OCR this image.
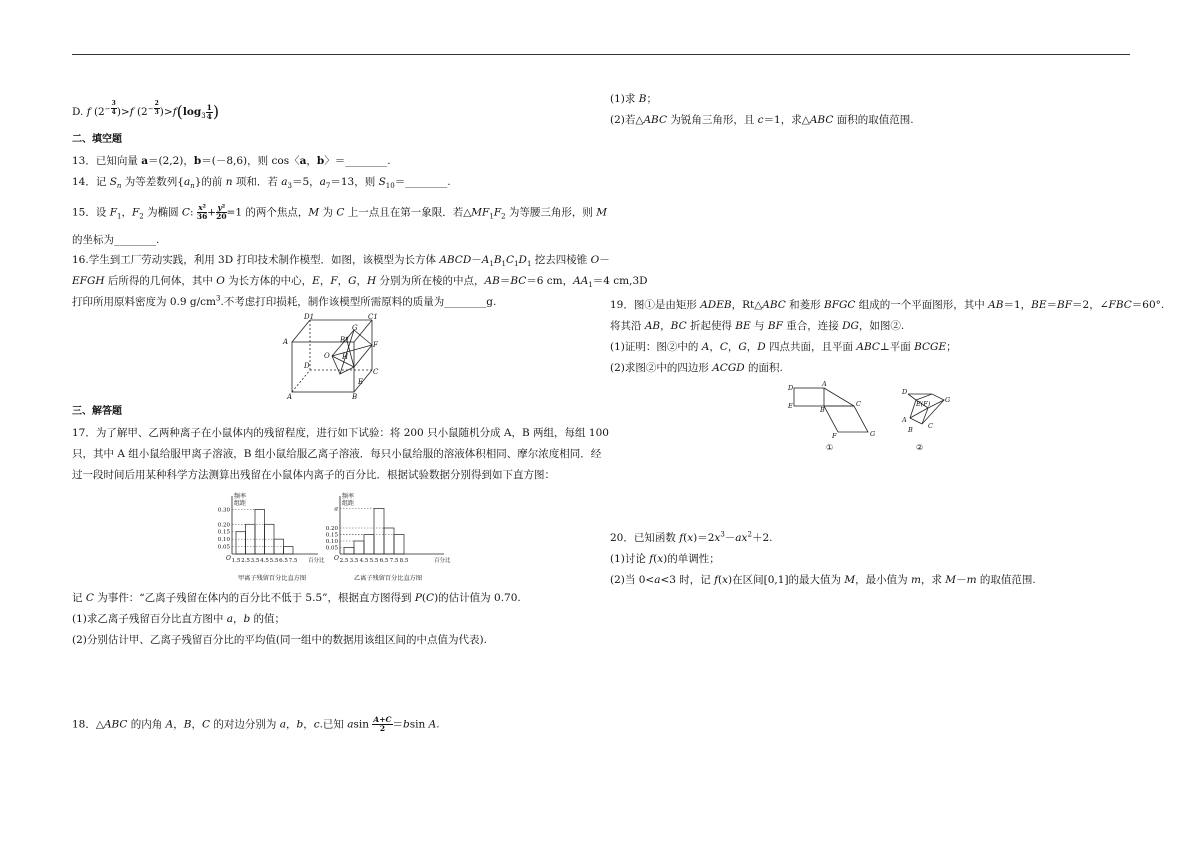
D. f ($2^{- \frac{3}{4}}$ )>f ($2^{- \frac{2}{3}}$ )$>f(\log_3 \frac{1}{4}$ )
二、填空题
13．已知向量 a＝(2,2)，b＝(－8,6)，则 cos〈a，b〉＝________.
14．记 $S_n$ 为等差数列$\{a_n\}$的前 n 项和．若 $a_3=5$，$a_7=13$，则 $S_{10}=\_\_\_\_\_\_\_\_$.
15．设 $F_1$，$F_2$ 为椭圆 C: $\frac{\text{x²}}{36} + \frac{\text{y²}}{20} =1$ 的两个焦点，M 为 C 上一点且在第一象限．若$\triangle MF_1F_2$ 为等腰三角形，则 M
的坐标为________.
16.学生到工厂劳动实践，利用 3D 打印技术制作模型．如图，该模型为长方体 $ABCD-A_1B_1C_1D_1$ 挖去四棱锥 O－
EFGH 后所得的几何体，其中 O 为长方体的中心，E，F，G，H 分别为所在棱的中点，AB＝BC＝6 cm，$AA_1=4$ cm,3D
打印所用原料密度为 0.9 $g/cm^3$.不考虑打印损耗，制作该模型所需原料的质量为________g.
D1	C1
A
G
B1
F
O H
D
C
E
A	B
三、解答题
17．为了解甲、乙两种离子在小鼠体内的残留程度，进行如下试验：将 200 只小鼠随机分成 A，B 两组，每组 100
只，其中 A 组小鼠给服甲离子溶液，B 组小鼠给服乙离子溶液．每只小鼠给服的溶液体积相同、摩尔浓度相同．经
过一段时间后用某种科学方法测算出残留在小鼠体内离子的百分比．根据试验数据分别得到如下直方图：
频率
组距
0.30
0.20
0.15
0.10
0.05
1.5 2.5 3.5 4.5 5.5 6.5 7.5
O	百分比
甲离子残留百分比直方图
频率
组距
0.20
0.15
0.10
0.05
a
2.5 3.5 4.5 5.5 6.5 7.5 8.5
O	百分比
乙离子残留百分比直方图
记 C 为事件：“乙离子残留在体内的百分比不低于 5.5”，根据直方图得到 P(C)的估计值为 0.70.
(1)求乙离子残留百分比直方图中 a，b 的值；
(2)分别估计甲、乙离子残留百分比的平均值(同一组中的数据用该组区间的中点值为代表).
18．△ABC 的内角 A，B，C 的对边分别为 a，b，c.已知 asin $\frac{A+C}{2} =bsin$ A.
(1)求 B；
(2)若△ABC 为锐角三角形，且 c＝1，求△ABC 面积的取值范围.
19．图①是由矩形 ADEB，Rt△ABC 和菱形 BFGC 组成的一个平面图形，其中 AB＝1，BE＝BF＝2，∠FBC＝60°.
将其沿 AB，BC 折起使得 BE 与 BF 重合，连接 DG，如图②.
(1)证明：图②中的 A，C，G，D 四点共面，且平面 ABC⊥平面 BCGE；
(2)求图②中的四边形 ACGD 的面积.
D	A
E	B
C
F	G
D
E(F) G
A
B C
①	②
20．已知函数 $f(x)=2x^3-ax^2+2$.
(1)讨论 f(x)的单调性；
(2)当 0<a<3 时，记 f(x)在区间[0,1]的最大值为 M，最小值为 m，求 M－m 的取值范围.
